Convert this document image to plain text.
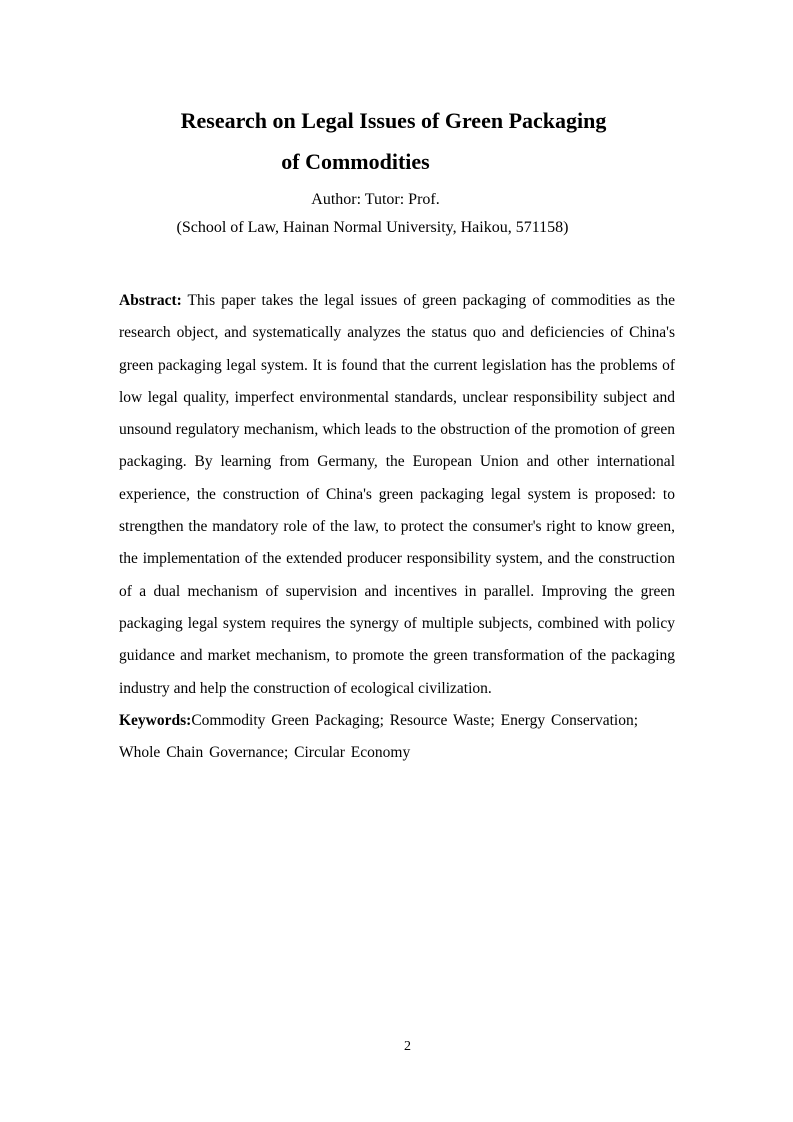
Research on Legal Issues of Green Packaging
of Commodities
Author: Tutor: Prof.
(School of Law, Hainan Normal University, Haikou, 571158)

Abstract: This paper takes the legal issues of green packaging of commodities as the research object, and systematically analyzes the status quo and deficiencies of China's green packaging legal system. It is found that the current legislation has the problems of low legal quality, imperfect environmental standards, unclear responsibility subject and unsound regulatory mechanism, which leads to the obstruction of the promotion of green packaging. By learning from Germany, the European Union and other international experience, the construction of China's green packaging legal system is proposed: to strengthen the mandatory role of the law, to protect the consumer's right to know green, the implementation of the extended producer responsibility system, and the construction of a dual mechanism of supervision and incentives in parallel. Improving the green packaging legal system requires the synergy of multiple subjects, combined with policy guidance and market mechanism, to promote the green transformation of the packaging industry and help the construction of ecological civilization.

Keywords:Commodity Green Packaging; Resource Waste; Energy Conservation;
Whole Chain Governance; Circular Economy

2
